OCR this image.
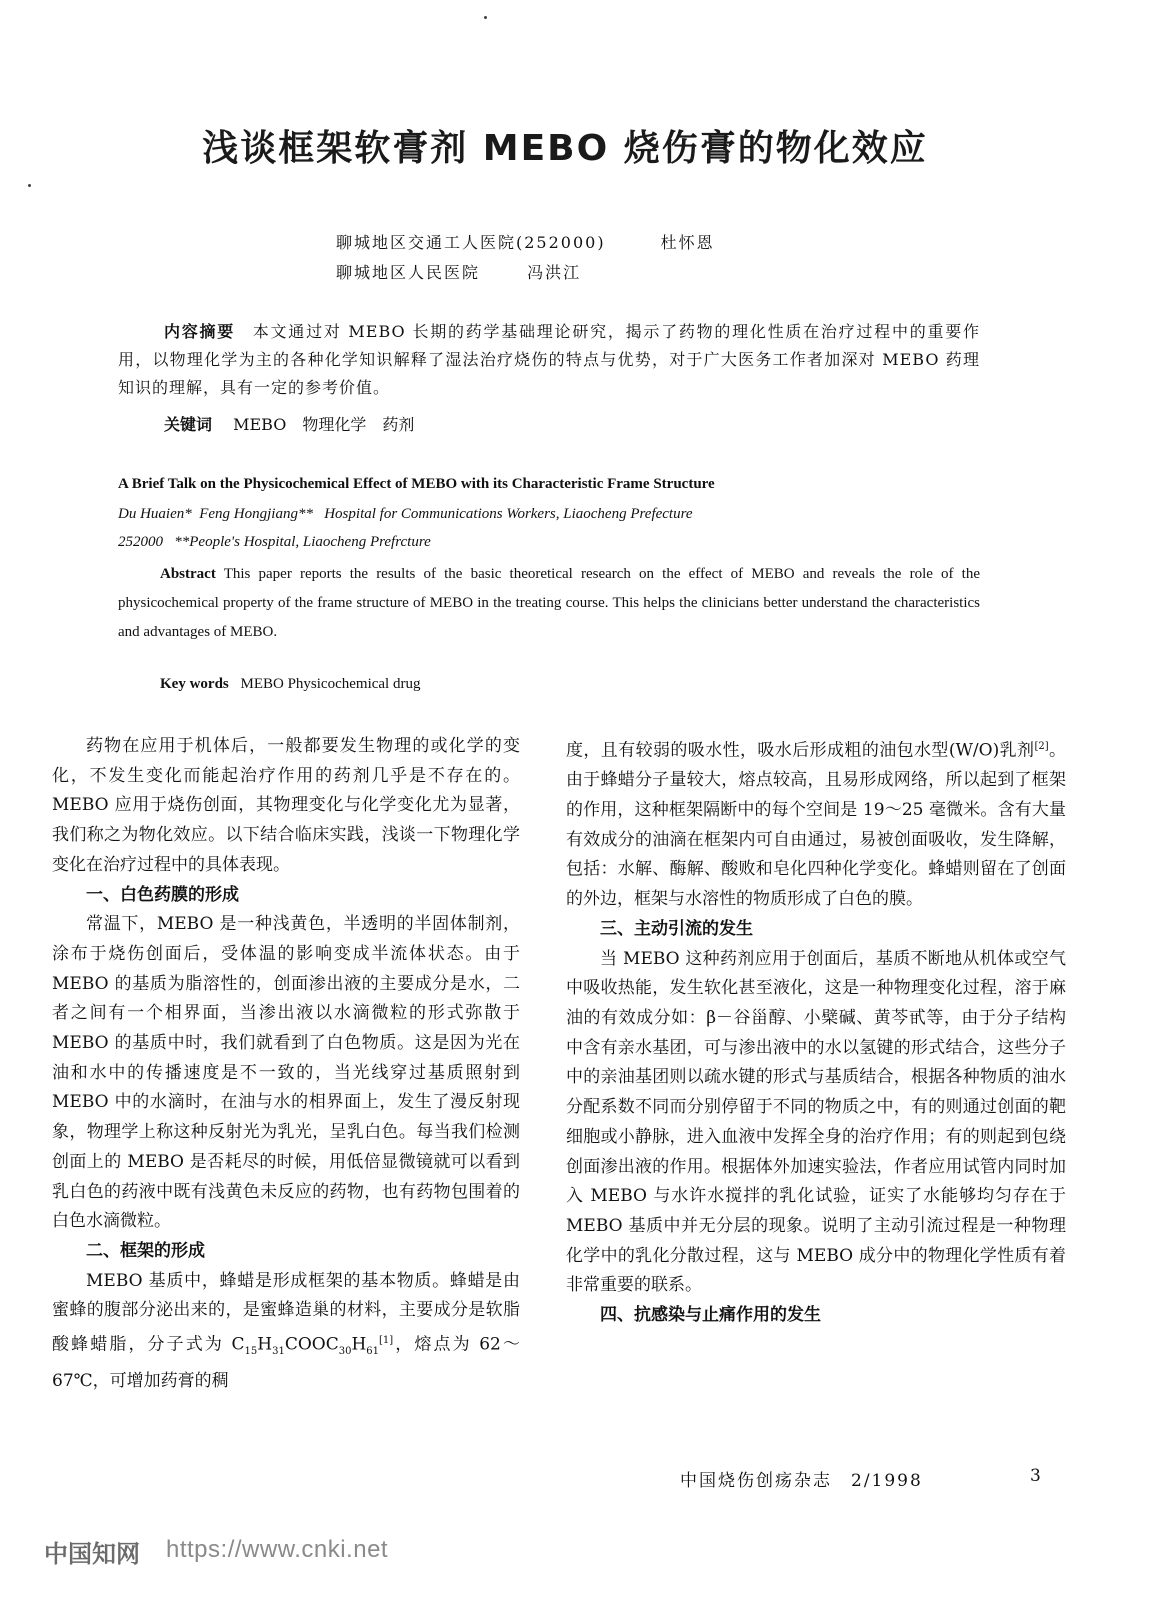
浅谈框架软膏剂 MEBO 烧伤膏的物化效应
聊城地区交通工人医院(252000)	杜怀恩
聊城地区人民医院	冯洪江
内容摘要　 本文通过对 MEBO 长期的药学基础理论研究，揭示了药物的理化性质在治疗过程中的重要作用，以物理化学为主的各种化学知识解释了湿法治疗烧伤的特点与优势，对于广大医务工作者加深对 MEBO 药理知识的理解，具有一定的参考价值。
关键词　 MEBO　物理化学　药剂
A Brief Talk on the Physicochemical Effect of MEBO with its Characteristic Frame Structure
Du Huaien*  Feng Hongjiang**   Hospital for Communications Workers, Liaocheng Prefecture
252000   **People's Hospital, Liaocheng Prefrcture
Abstract This paper reports the results of the basic theoretical research on the effect of MEBO and reveals the role of the physicochemical property of the frame structure of MEBO in the treating course. This helps the clinicians better understand the characteristics and advantages of MEBO.
Key words MEBO Physicochemical drug

药物在应用于机体后，一般都要发生物理的或化学的变化，不发生变化而能起治疗作用的药剂几乎是不存在的。MEBO 应用于烧伤创面，其物理变化与化学变化尤为显著，我们称之为物化效应。以下结合临床实践，浅谈一下物理化学变化在治疗过程中的具体表现。

一、白色药膜的形成

常温下，MEBO 是一种浅黄色，半透明的半固体制剂，涂布于烧伤创面后，受体温的影响变成半流体状态。由于 MEBO 的基质为脂溶性的，创面渗出液的主要成分是水，二者之间有一个相界面，当渗出液以水滴微粒的形式弥散于 MEBO 的基质中时，我们就看到了白色物质。这是因为光在油和水中的传播速度是不一致的，当光线穿过基质照射到 MEBO 中的水滴时，在油与水的相界面上，发生了漫反射现象，物理学上称这种反射光为乳光，呈乳白色。每当我们检测创面上的 MEBO 是否耗尽的时候，用低倍显微镜就可以看到乳白色的药液中既有浅黄色未反应的药物，也有药物包围着的白色水滴微粒。

二、框架的形成

MEBO 基质中，蜂蜡是形成框架的基本物质。蜂蜡是由蜜蜂的腹部分泌出来的，是蜜蜂造巢的材料，主要成分是软脂酸蜂蜡脂，分子式为 $C_{15}H_{31}COOC_{30}H_{61}[1]$，熔点为 62～67℃，可增加药膏的稠

度，且有较弱的吸水性，吸水后形成粗的油包水型(W/O)乳剂[2]。由于蜂蜡分子量较大，熔点较高，且易形成网络，所以起到了框架的作用，这种框架隔断中的每个空间是 19～25 毫微米。含有大量有效成分的油滴在框架内可自由通过，易被创面吸收，发生降解，包括：水解、酶解、酸败和皂化四种化学变化。蜂蜡则留在了创面的外边，框架与水溶性的物质形成了白色的膜。

三、主动引流的发生

当 MEBO 这种药剂应用于创面后，基质不断地从机体或空气中吸收热能，发生软化甚至液化，这是一种物理变化过程，溶于麻油的有效成分如：β－谷甾醇、小檗碱、黄芩甙等，由于分子结构中含有亲水基团，可与渗出液中的水以氢键的形式结合，这些分子中的亲油基团则以疏水键的形式与基质结合，根据各种物质的油水分配系数不同而分别停留于不同的物质之中，有的则通过创面的靶细胞或小静脉，进入血液中发挥全身的治疗作用；有的则起到包绕创面渗出液的作用。根据体外加速实验法，作者应用试管内同时加入 MEBO 与水许水搅拌的乳化试验，证实了水能够均匀存在于 MEBO 基质中并无分层的现象。说明了主动引流过程是一种物理化学中的乳化分散过程，这与 MEBO 成分中的物理化学性质有着非常重要的联系。

四、抗感染与止痛作用的发生
中国烧伤创疡杂志　2/1998	3
中国知网 https://www.cnki.net
